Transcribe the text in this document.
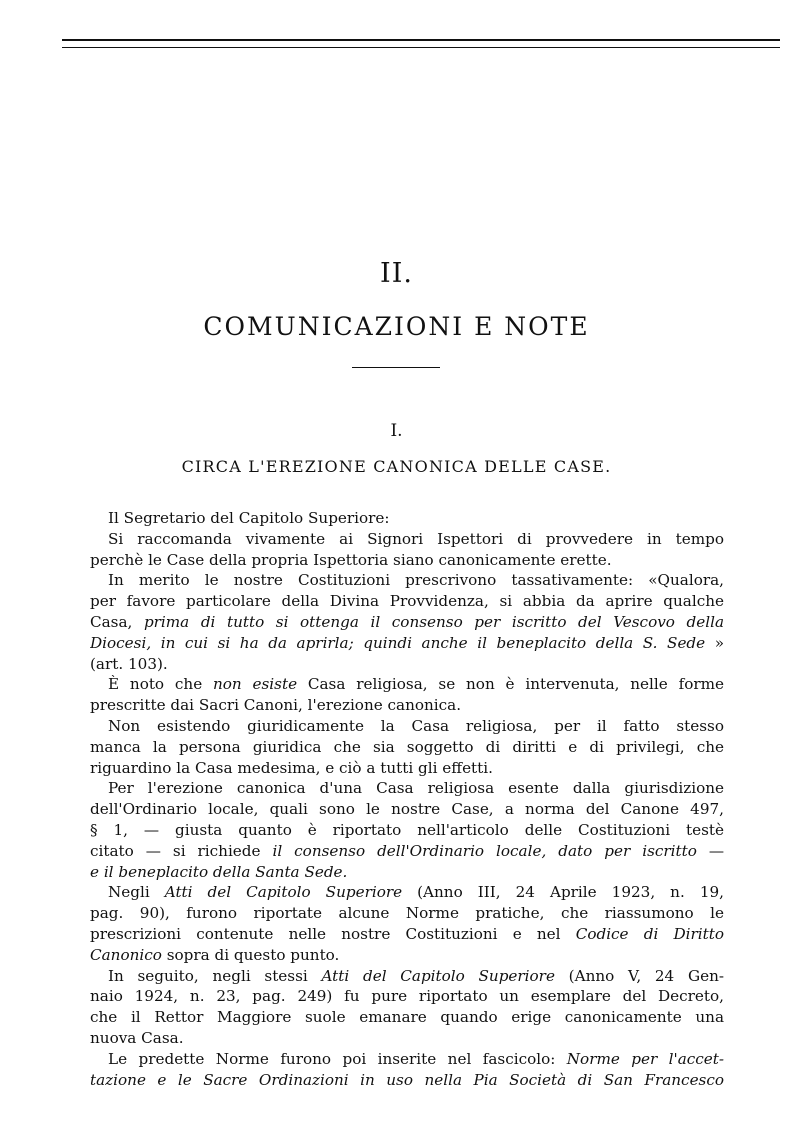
II.
COMUNICAZIONI E NOTE
I.
CIRCA L'EREZIONE CANONICA DELLE CASE.
Il Segretario del Capitolo Superiore:
Si raccomanda vivamente ai Signori Ispettori di provvedere in tempo
perchè le Case della propria Ispettoria siano canonicamente erette.
In merito le nostre Costituzioni prescrivono tassativamente: «Qualora,
per favore particolare della Divina Provvidenza, si abbia da aprire qualche
Casa, prima di tutto si ottenga il consenso per iscritto del Vescovo della
Diocesi, in cui si ha da aprirla; quindi anche il beneplacito della S. Sede »
(art. 103).
È noto che non esiste Casa religiosa, se non è intervenuta, nelle forme
prescritte dai Sacri Canoni, l'erezione canonica.
Non esistendo giuridicamente la Casa religiosa, per il fatto stesso
manca la persona giuridica che sia soggetto di diritti e di privilegi, che
riguardino la Casa medesima, e ciò a tutti gli effetti.
Per l'erezione canonica d'una Casa religiosa esente dalla giurisdizione
dell'Ordinario locale, quali sono le nostre Case, a norma del Canone 497,
§ 1, — giusta quanto è riportato nell'articolo delle Costituzioni testè
citato — si richiede il consenso dell'Ordinario locale, dato per iscritto —
e il beneplacito della Santa Sede.
Negli Atti del Capitolo Superiore (Anno III, 24 Aprile 1923, n. 19,
pag. 90), furono riportate alcune Norme pratiche, che riassumono le
prescrizioni contenute nelle nostre Costituzioni e nel Codice di Diritto
Canonico sopra di questo punto.
In seguito, negli stessi Atti del Capitolo Superiore (Anno V, 24 Gen-
naio 1924, n. 23, pag. 249) fu pure riportato un esemplare del Decreto,
che il Rettor Maggiore suole emanare quando erige canonicamente una
nuova Casa.
Le predette Norme furono poi inserite nel fascicolo: Norme per l'accet-
tazione e le Sacre Ordinazioni in uso nella Pia Società di San Francesco
